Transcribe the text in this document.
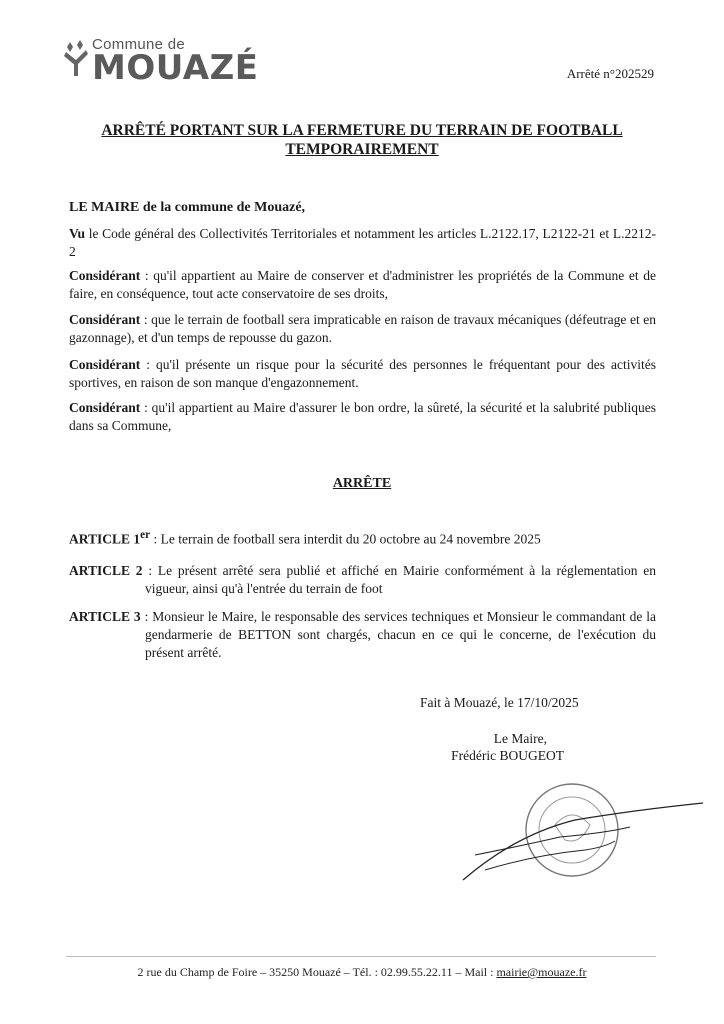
Commune de
MOUAZÉ	Arrêté n°202529
ARRÊTÉ PORTANT SUR LA FERMETURE DU TERRAIN DE FOOTBALL
TEMPORAIREMENT
LE MAIRE de la commune de Mouazé,
Vu le Code général des Collectivités Territoriales et notamment les articles L.2122.17, L2122-21 et L.2212-2
Considérant : qu'il appartient au Maire de conserver et d'administrer les propriétés de la Commune et de faire, en conséquence, tout acte conservatoire de ses droits,
Considérant : que le terrain de football sera impraticable en raison de travaux mécaniques (défeutrage et en gazonnage), et d'un temps de repousse du gazon.
Considérant : qu'il présente un risque pour la sécurité des personnes le fréquentant pour des activités sportives, en raison de son manque d'engazonnement.
Considérant : qu'il appartient au Maire d'assurer le bon ordre, la sûreté, la sécurité et la salubrité publiques dans sa Commune,
ARRÊTE
ARTICLE 1er : Le terrain de football sera interdit du 20 octobre au 24 novembre 2025
ARTICLE 2 : Le présent arrêté sera publié et affiché en Mairie conformément à la réglementation en vigueur, ainsi qu'à l'entrée du terrain de foot
ARTICLE 3 : Monsieur le Maire, le responsable des services techniques et Monsieur le commandant de la gendarmerie de BETTON sont chargés, chacun en ce qui le concerne, de l'exécution du présent arrêté.
Fait à Mouazé, le 17/10/2025
Le Maire,
Frédéric BOUGEOT
2 rue du Champ de Foire – 35250 Mouazé – Tél. : 02.99.55.22.11 – Mail : mairie@mouaze.fr
